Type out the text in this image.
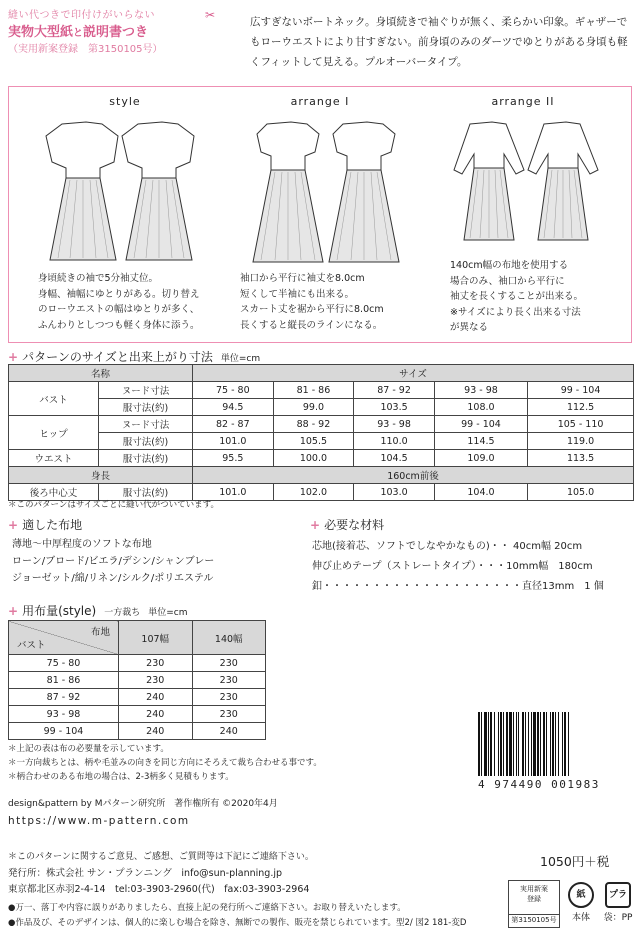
縫い代つきで印付けがいらない
実物大型紙と説明書つき
（実用新案登録　第3150105号）
✂	広すぎないボートネック。身頃続きで袖ぐりが無く、柔らかい印象。ギャザーでもローウエストにより甘すぎない。前身頃のみのダーツでゆとりがある身頃も軽くフィットして見える。プルオーバータイプ。
style	arrange I	arrange II
身頃続きの袖で5分袖丈位。
身幅、袖幅にゆとりがある。切り替え
のローウエストの幅はゆとりが多く、
ふんわりとしつつも軽く身体に添う。
袖口から平行に袖丈を8.0cm
短くして半袖にも出来る。
スカート丈を裾から平行に8.0cm
長くすると縦長のラインになる。
140cm幅の布地を使用する
場合のみ、袖口から平行に
袖丈を長くすることが出来る。
※サイズにより長く出来る寸法
が異なる
+ パターンのサイズと出来上がり寸法 単位=cm
名称		サイズ				
バスト	ヌード寸法	75 - 80	81 - 86	87 - 92	93 - 98	99 - 104
	服寸法(約)	94.5	99.0	103.5	108.0	112.5
ヒップ	ヌード寸法	82 - 87	88 - 92	93 - 98	99 - 104	105 - 110
	服寸法(約)	101.0	105.5	110.0	114.5	119.0
ウエスト	服寸法(約)	95.5	100.0	104.5	109.0	113.5
身長		160cm前後				
後ろ中心丈	服寸法(約)	101.0	102.0	103.0	104.0	105.0
＊このパターンはサイズごとに縫い代がついています。
+ 適した布地
薄地～中厚程度のソフトな布地
ローン/ブロード/ビエラ/デシン/シャンブレー
ジョーゼット/綿/リネン/シルク/ポリエステル
+ 必要な材料
芯地(接着芯、ソフトでしなやかなもの)・・ 40cm幅 20cm
伸び止めテープ（ストレートタイプ）・・・10mm幅　180cm
釦・・・・・・・・・・・・・・・・・・・・直径13mm　1 個
+ 用布量(style) 一方裁ち 単位=cm
布地
バスト	107幅	140幅
75 - 80	230	230
81 - 86	230	230
87 - 92	240	230
93 - 98	240	230
99 - 104	240	240
＊上記の表は布の必要量を示しています。
＊一方向裁ちとは、柄や毛並みの向きを同じ方向にそろえて裁ち合わせる事です。
＊柄合わせのある布地の場合は、2-3柄多く見積もります。
4 974490 001983
design&pattern by Mパターン研究所　著作権所有 ©2020年4月
https://www.m-pattern.com
＊このパターンに関するご意見、ご感想、ご質問等は下記にご連絡下さい。
発行所：株式会社 サン・プランニング　info@sun-planning.jp
東京都北区赤羽2-4-14　tel:03-3903-2960(代)　fax:03-3903-2964
●万一、落丁や内容に誤りがありましたら、直接上記の発行所へご連絡下さい。お取り替えいたします。
●作品及び、そのデザインは、個人的に楽しむ場合を除き、無断での製作、販売を禁じられています。型2/ 図2 181-変D
1050円＋税
実用新案
登録
第3150105号
紙
本体
プラ
袋：PP
